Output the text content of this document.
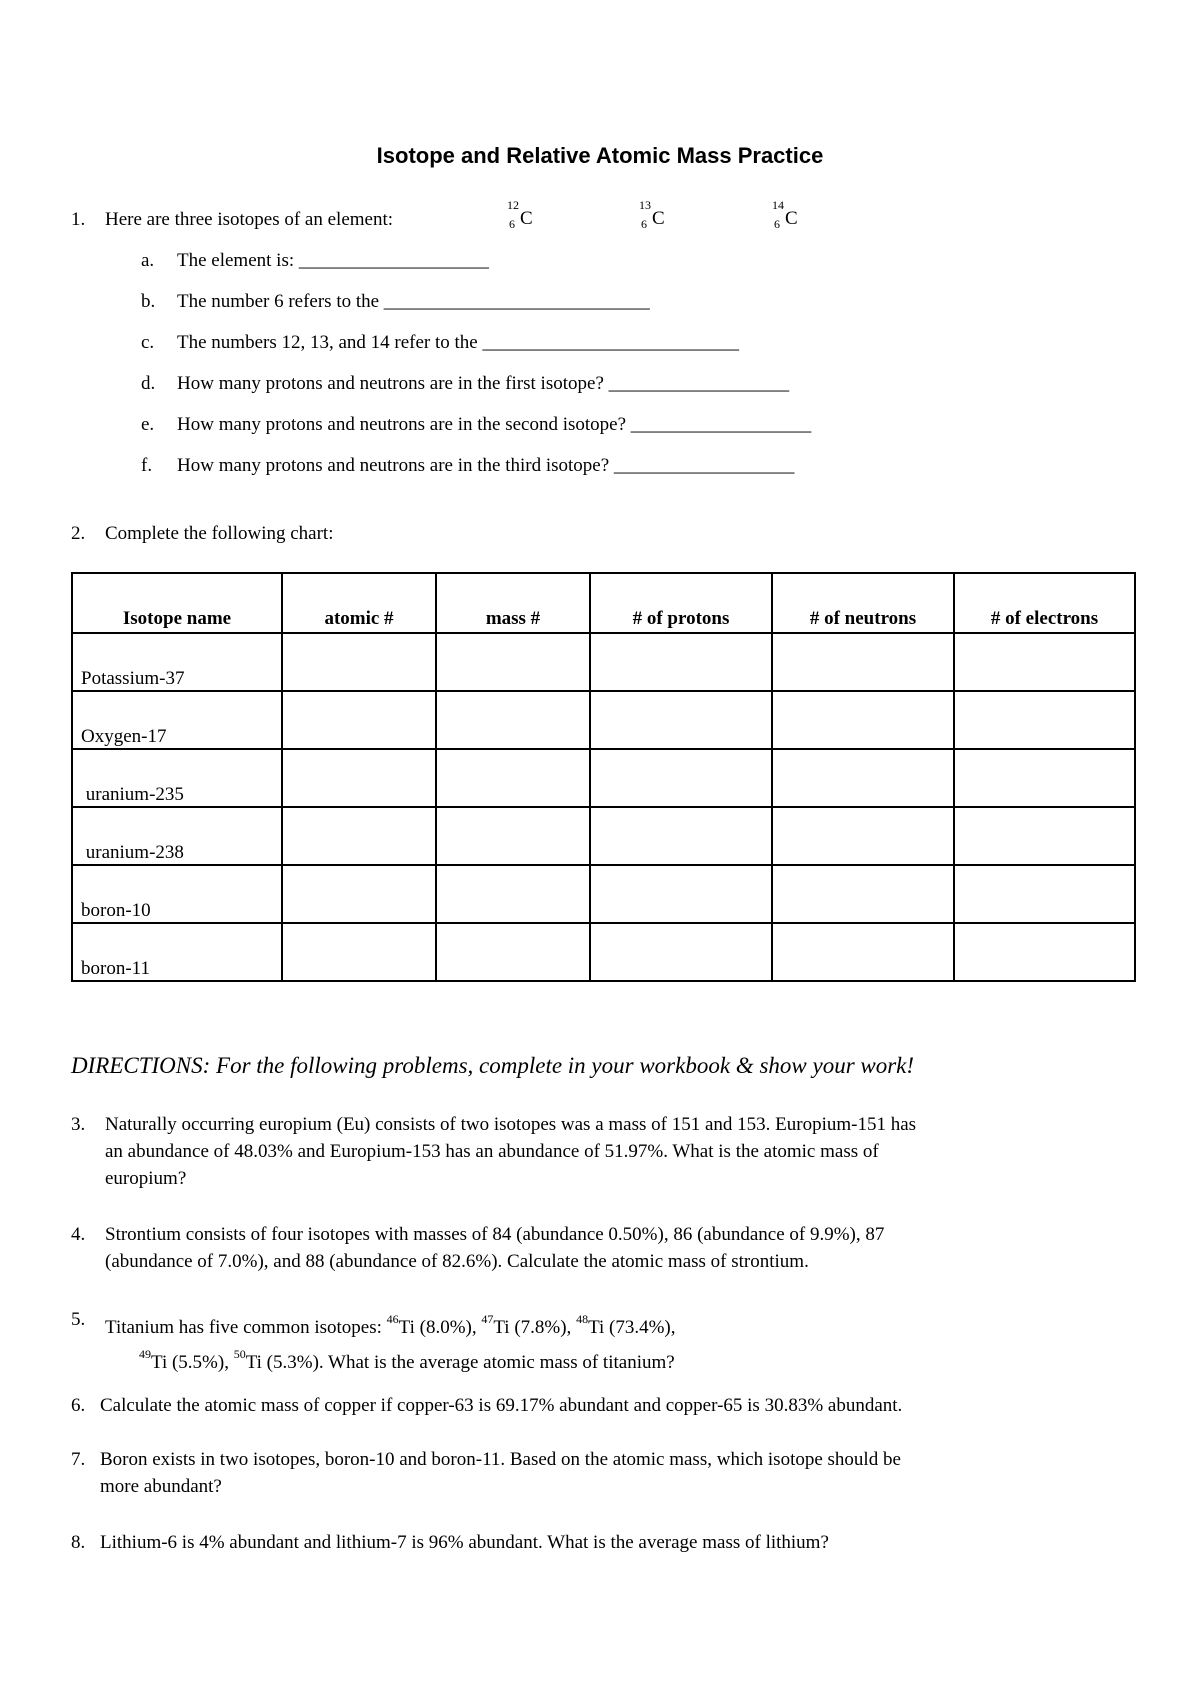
Isotope and Relative Atomic Mass Practice
1. Here are three isotopes of an element:
12
6 C
13
6 C
14
6 C
a. The element is: ____________________
b. The number 6 refers to the ____________________________
c. The numbers 12, 13, and 14 refer to the ___________________________
d. How many protons and neutrons are in the first isotope? ___________________
e. How many protons and neutrons are in the second isotope? ___________________
f. How many protons and neutrons are in the third isotope? ___________________
2. Complete the following chart:
Isotope name	atomic #	mass #	# of protons	# of neutrons	# of electrons
Potassium-37					
Oxygen-17					
uranium-235					
uranium-238					
boron-10					
boron-11					
DIRECTIONS: For the following problems, complete in your workbook & show your work!
3. Naturally occurring europium (Eu) consists of two isotopes was a mass of 151 and 153. Europium-151 has
an abundance of 48.03% and Europium-153 has an abundance of 51.97%. What is the atomic mass of
europium?
4. Strontium consists of four isotopes with masses of 84 (abundance 0.50%), 86 (abundance of 9.9%), 87
(abundance of 7.0%), and 88 (abundance of 82.6%). Calculate the atomic mass of strontium.
5. Titanium has five common isotopes: $^{46}$Ti (8.0%), $^{47}$Ti (7.8%), $^{48}$Ti (73.4%),
$^{49}$Ti (5.5%), $^{50}$Ti (5.3%). What is the average atomic mass of titanium?
6. Calculate the atomic mass of copper if copper-63 is 69.17% abundant and copper-65 is 30.83% abundant.
7. Boron exists in two isotopes, boron-10 and boron-11. Based on the atomic mass, which isotope should be
more abundant?
8. Lithium-6 is 4% abundant and lithium-7 is 96% abundant. What is the average mass of lithium?
